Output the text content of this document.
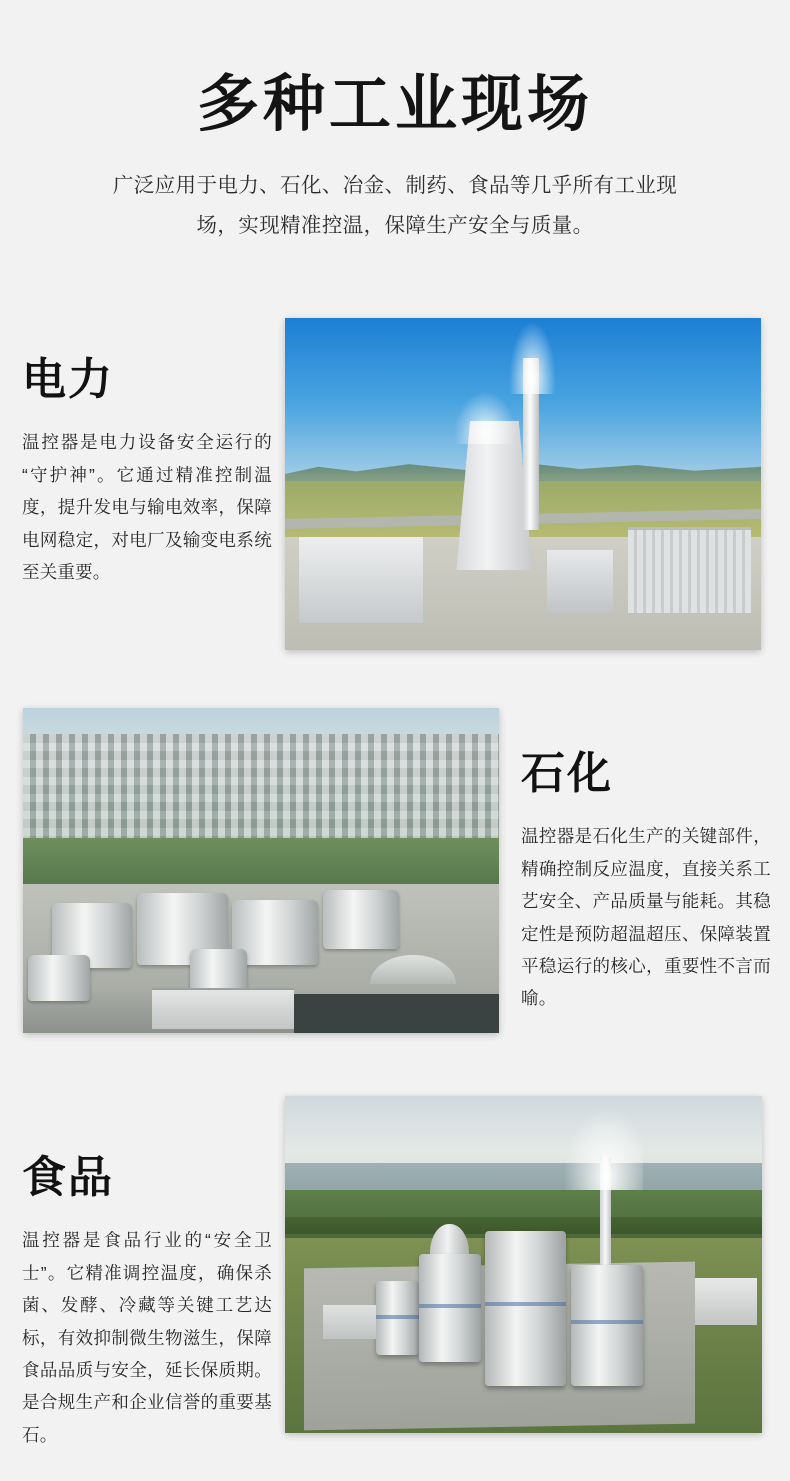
多种工业现场

广泛应用于电力、石化、冶金、制药、食品等几乎所有工业现场，实现精准控温，保障生产安全与质量。

电力

温控器是电力设备安全运行的“守护神”。它通过精准控制温度，提升发电与输电效率，保障电网稳定，对电厂及输变电系统至关重要。

石化

温控器是石化生产的关键部件，精确控制反应温度，直接关系工艺安全、产品质量与能耗。其稳定性是预防超温超压、保障装置平稳运行的核心，重要性不言而喻。

食品

温控器是食品行业的“安全卫士”。它精准调控温度，确保杀菌、发酵、冷藏等关键工艺达标，有效抑制微生物滋生，保障食品品质与安全，延长保质期。是合规生产和企业信誉的重要基石。
